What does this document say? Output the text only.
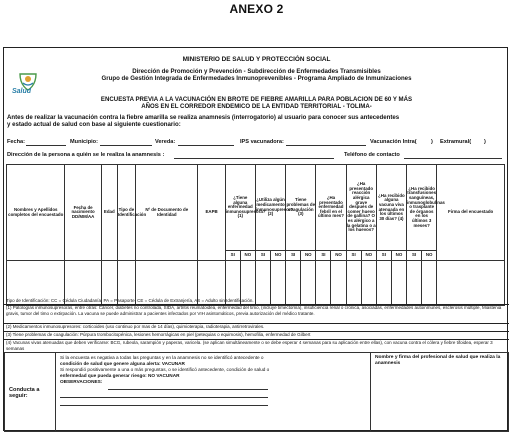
ANEXO 2
Salud
MINISTERIO DE SALUD Y PROTECCIÓN SOCIAL
Dirección de Promoción y Prevención - Subdirección de Enfermedades Transmisibles
Grupo de Gestión Integrada de Enfermedades Inmunoprevenibles - Programa Ampliado de Inmunizaciones
ENCUESTA PREVIA A LA VACUNACIÓN EN BROTE DE FIEBRE AMARILLA PARA POBLACION DE 60 Y MÁS
AÑOS EN EL CORREDOR ENDEMICO DE LA ENTIDAD TERRITORIAL - TOLIMA-
Antes de realizar la vacunación contra la fiebre amarilla se realiza anamnesis (interrogatorio) al usuario para conocer sus antecedentes
y estado actual de salud con base al siguiente cuestionario:
Fecha:	Municipio:	Vereda:	IPS vacunadora:	Vacunación Intra(	) Extramural( )
Dirección de la persona a quién se le realiza la anamnesis :	Teléfono de contacto
Nombres y Apellidos completos del encuestado	Fecha de nacimiento DD/MM/AA	Edad	Tipo de Identificación	Nº de Documento de Identidad	EAPB	¿Tiene alguna enfermedad inmunosupresora? (1)		¿Utiliza algún medicamento inmunosupresor? (2)		Tiene problemas de coagulación (3)		¿Ha presentado enfermedad febril en el último mes?		¿Ha presentado reacción alérgica grave después de comer huevo de gallina? O es alérgico a la gelatina o a los huevos?		¿Ha recibido alguna vacuna viva atenuada en los últimos 30 días? (4)		¿Ha recibido transfusiones sanguíneas, inmunoglobulinas o trasplante de órganos en los últimos 3 meses?		Firma del encuestado
						SI	NO	SI	NO	SI	NO	SI	NO	SI	NO	SI	NO	SI	NO	

Tipo de Identificación: CC = Cédula Ciudadanía, PA = Pasaporte, CE = Cédula de Extranjería, AS = Adulto sin Identificación.
(1) Patologías inmunosupresoras, entre otras: Cáncer, diabetes no controlada, SIDA, artritis reumatoidea, enfermedad del timo, (incluye timectomía), insuficiencia renal o crónica, asociadas, enfermedades autoinmunes, esclerosis múltiple, Miastenia gravis, tumor del timo o extirpación. La vacuna se puede administrar a pacientes infectados por VIH asintomáticos, previa autorización del médico tratante.
(2) Medicamentos inmunosupresores: corticoides (uso continuo por mas de 14 días), quimioterapia, radioterapia, antirretrovirales.
(3) Tiene problemas de coagulación: Púrpura trombocitopénica, lesiones hemorrágicas en piel (petequias o equimosis), hemofilia, enfermedad de Gilbert
(4) Vacunas vivas atenuadas que deben verificarse: BCG, rubeola, sarampión y paperas, varicela. (se aplican simultáneamente o se debe esperar 4 semanas para su aplicación entre ellas), con vacuna contra el cólera y fiebre tifoidea, esperar 3 semanas
Conducta a seguir:
Si la encuesta es negativa a todas las preguntas y en la anamnesis no se identificó antecedente o
condición de salud que genere alguna alerta: VACUNAR
Si respondió positivamente a una o más preguntas, o se identificó antecedente, condición de salud o
enfermedad que pueda generar riesgo: NO VACUNAR
OBSERVACIONES:
Nombre y firma del profesional de salud que realiza la anamnesis
